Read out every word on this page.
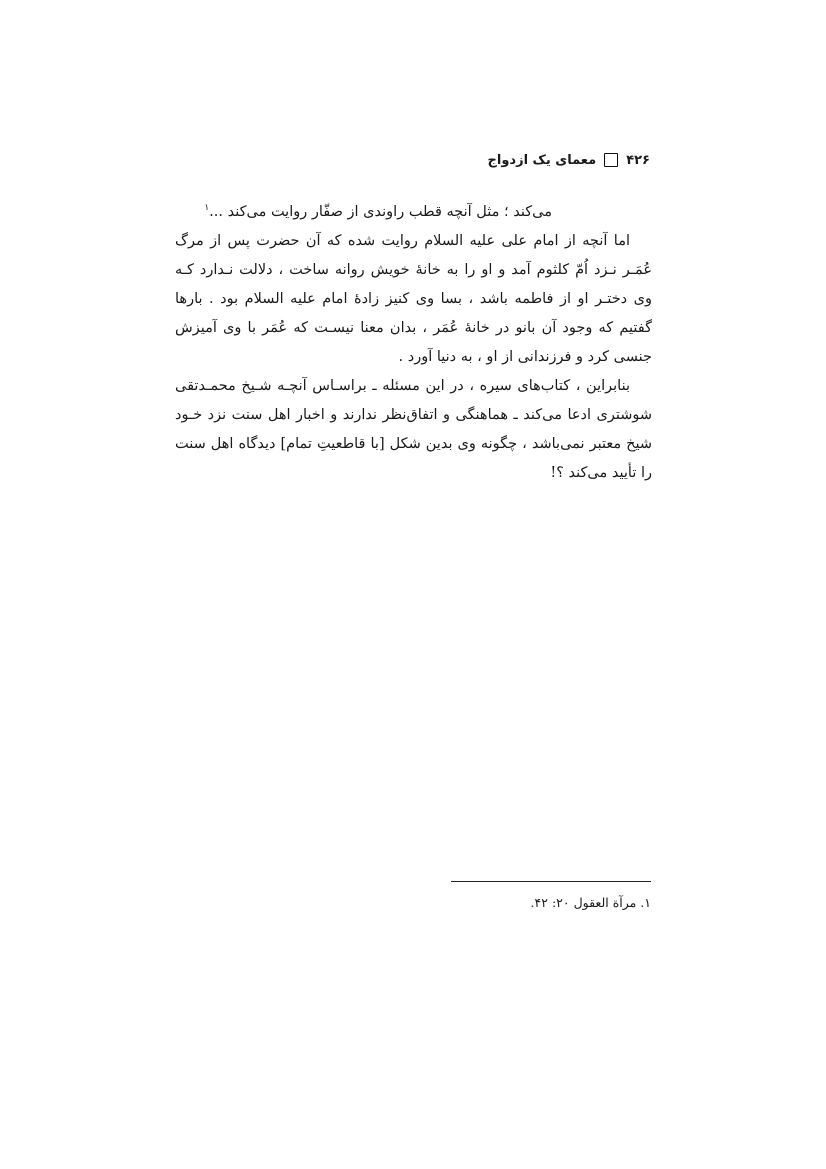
۴۲۶
معمای یک ازدواج

می‌کند ؛ مثل آنچه قطب راوندی از صفّار روایت می‌کند ...$^۱$

اما آنچه از امام علی علیه السلام روایت شده که آن حضرت پس از مرگ عُمَـر نـزد اُمّ کلثوم آمد و او را به خانهٔ خویش روانه ساخت ، دلالت نـدارد کـه وی دختـر او از فاطمه باشد ، بسا وی کنیز زادهٔ امام علیه السلام بود . بارها گفتیم که وجود آن بانو در خانهٔ عُمَر ، بدان معنا نیسـت که عُمَر با وی آمیزش جنسی کرد و فرزندانی از او ، به دنیا آورد .

بنابراین ، کتاب‌های سیره ، در این مسئله ـ براسـاس آنچـه شـیخ محمـدتقی شوشتری ادعا می‌کند ـ هماهنگی و اتفاق‌نظر ندارند و اخبار اهل سنت نزد خـود شیخ معتبر نمی‌باشد ، چگونه وی بدین شکل [با قاطعیتِ تمام] دیدگاه اهل سنت را تأیید می‌کند ؟!

۱. مرآة العقول ۲۰: ۴۲.
